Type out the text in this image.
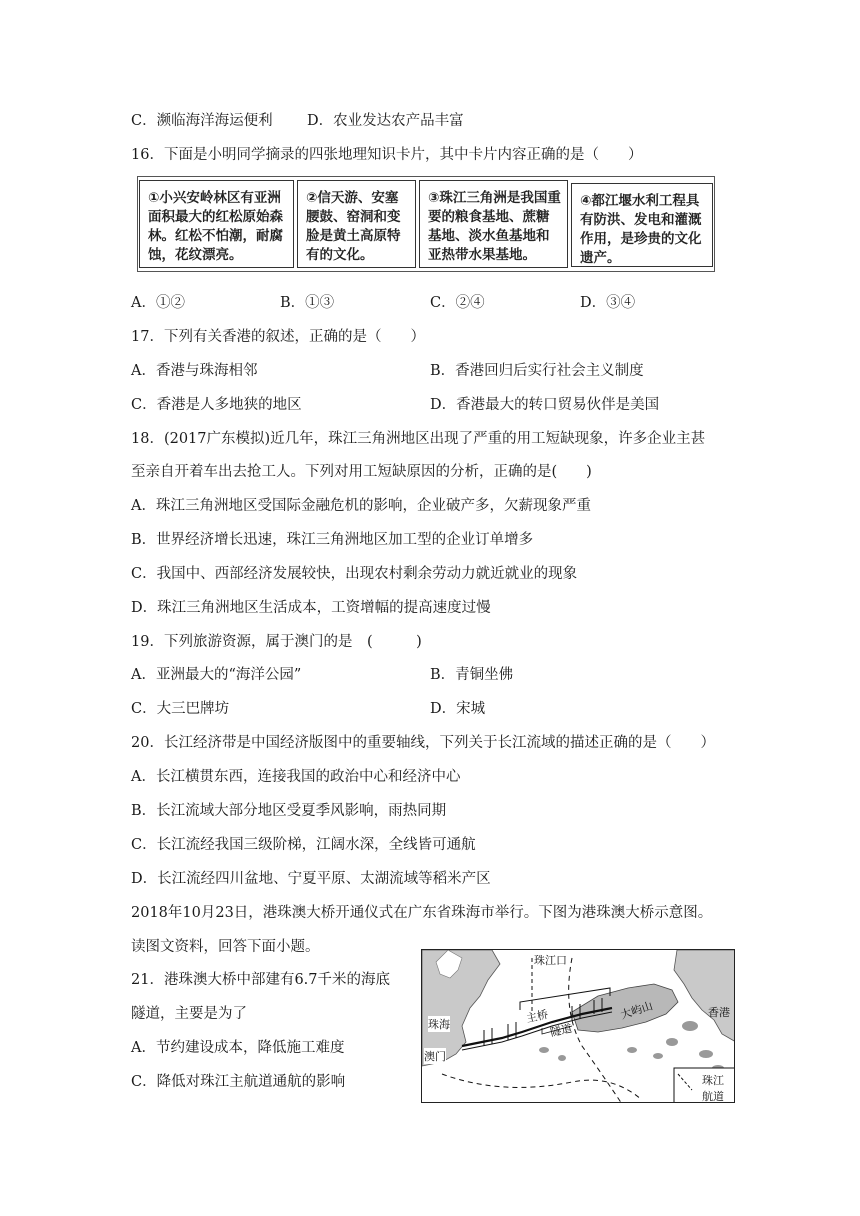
C．濒临海洋海运便利 D．农业发达农产品丰富
16．下面是小明同学摘录的四张地理知识卡片，其中卡片内容正确的是（　　）
①小兴安岭林区有亚洲面积最大的红松原始森林。红松不怕潮，耐腐蚀，花纹漂亮。
②信天游、安塞腰鼓、窑洞和变脸是黄土高原特有的文化。
③珠江三角洲是我国重要的粮食基地、蔗糖基地、淡水鱼基地和亚热带水果基地。
④都江堰水利工程具有防洪、发电和灌溉作用，是珍贵的文化遗产。
A．①②	B．①③	C．②④	D．③④
17．下列有关香港的叙述，正确的是（　　）
A．香港与珠海相邻	B．香港回归后实行社会主义制度
C．香港是人多地狭的地区	D．香港最大的转口贸易伙伴是美国
18．(2017广东模拟)近几年，珠江三角洲地区出现了严重的用工短缺现象，许多企业主甚
至亲自开着车出去抢工人。下列对用工短缺原因的分析，正确的是(　　)
A．珠江三角洲地区受国际金融危机的影响，企业破产多，欠薪现象严重
B．世界经济增长迅速，珠江三角洲地区加工型的企业订单增多
C．我国中、西部经济发展较快，出现农村剩余劳动力就近就业的现象
D．珠江三角洲地区生活成本，工资增幅的提高速度过慢
19．下列旅游资源，属于澳门的是　(　　　)
A．亚洲最大的“海洋公园”	B．青铜坐佛
C．大三巴牌坊	D．宋城
20．长江经济带是中国经济版图中的重要轴线，下列关于长江流域的描述正确的是（　　）
A．长江横贯东西，连接我国的政治中心和经济中心
B．长江流域大部分地区受夏季风影响，雨热同期
C．长江流经我国三级阶梯，江阔水深，全线皆可通航
D．长江流经四川盆地、宁夏平原、太湖流域等稻米产区
2018年10月23日，港珠澳大桥开通仪式在广东省珠海市举行。下图为港珠澳大桥示意图。
读图文资料，回答下面小题。
21．港珠澳大桥中部建有6.7千米的海底
隧道，主要是为了
A．节约建设成本，降低施工难度
C．降低对珠江主航道通航的影响
珠江口
主桥
隧道
大屿山
珠海
澳门
香港
珠江
航道
